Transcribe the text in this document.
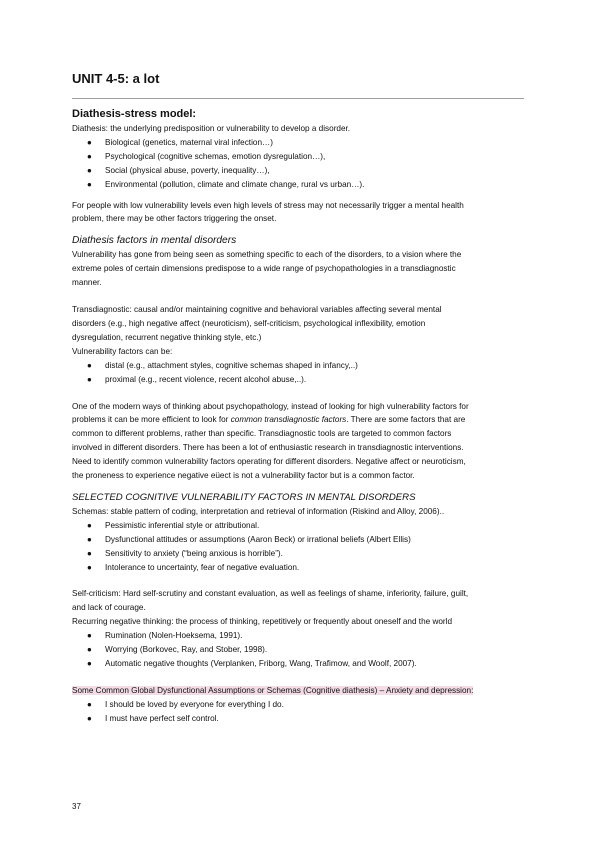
UNIT 4-5: a lot

Diathesis-stress model:

Diathesis: the underlying predisposition or vulnerability to develop a disorder.

● Biological (genetics, maternal viral infection…)
● Psychological (cognitive schemas, emotion dysregulation…),
● Social (physical abuse, poverty, inequality…),
● Environmental (pollution, climate and climate change, rural vs urban…).

For people with low vulnerability levels even high levels of stress may not necessarily trigger a mental health
problem, there may be other factors triggering the onset.

Diathesis factors in mental disorders

Vulnerability has gone from being seen as something specific to each of the disorders, to a vision where the
extreme poles of certain dimensions predispose to a wide range of psychopathologies in a transdiagnostic
manner.

Transdiagnostic: causal and/or maintaining cognitive and behavioral variables affecting several mental
disorders (e.g., high negative affect (neuroticism), self-criticism, psychological inflexibility, emotion
dysregulation, recurrent negative thinking style, etc.)

Vulnerability factors can be:

● distal (e.g., attachment styles, cognitive schemas shaped in infancy,..)
● proximal (e.g., recent violence, recent alcohol abuse,..).

One of the modern ways of thinking about psychopathology, instead of looking for high vulnerability factors for
problems it can be more efficient to look for common transdiagnostic factors. There are some factors that are
common to different problems, rather than specific. Transdiagnostic tools are targeted to common factors
involved in different disorders. There has been a lot of enthusiastic research in transdiagnostic interventions.
Need to identify common vulnerability factors operating for different disorders. Negative affect or neuroticism,
the proneness to experience negative eüect is not a vulnerability factor but is a common factor.

SELECTED COGNITIVE VULNERABILITY FACTORS IN MENTAL DISORDERS

Schemas: stable pattern of coding, interpretation and retrieval of information (Riskind and Alloy, 2006)..

● Pessimistic inferential style or attributional.
● Dysfunctional attitudes or assumptions (Aaron Beck) or irrational beliefs (Albert Ellis)
● Sensitivity to anxiety (“being anxious is horrible”).
● Intolerance to uncertainty, fear of negative evaluation.

Self-criticism: Hard self-scrutiny and constant evaluation, as well as feelings of shame, inferiority, failure, guilt,
and lack of courage.

Recurring negative thinking: the process of thinking, repetitively or frequently about oneself and the world

● Rumination (Nolen-Hoeksema, 1991).
● Worrying (Borkovec, Ray, and Stober, 1998).
● Automatic negative thoughts (Verplanken, Friborg, Wang, Trafimow, and Woolf, 2007).

Some Common Global Dysfunctional Assumptions or Schemas (Cognitive diathesis) – Anxiety and depression:

● I should be loved by everyone for everything I do.
● I must have perfect self control.
37
